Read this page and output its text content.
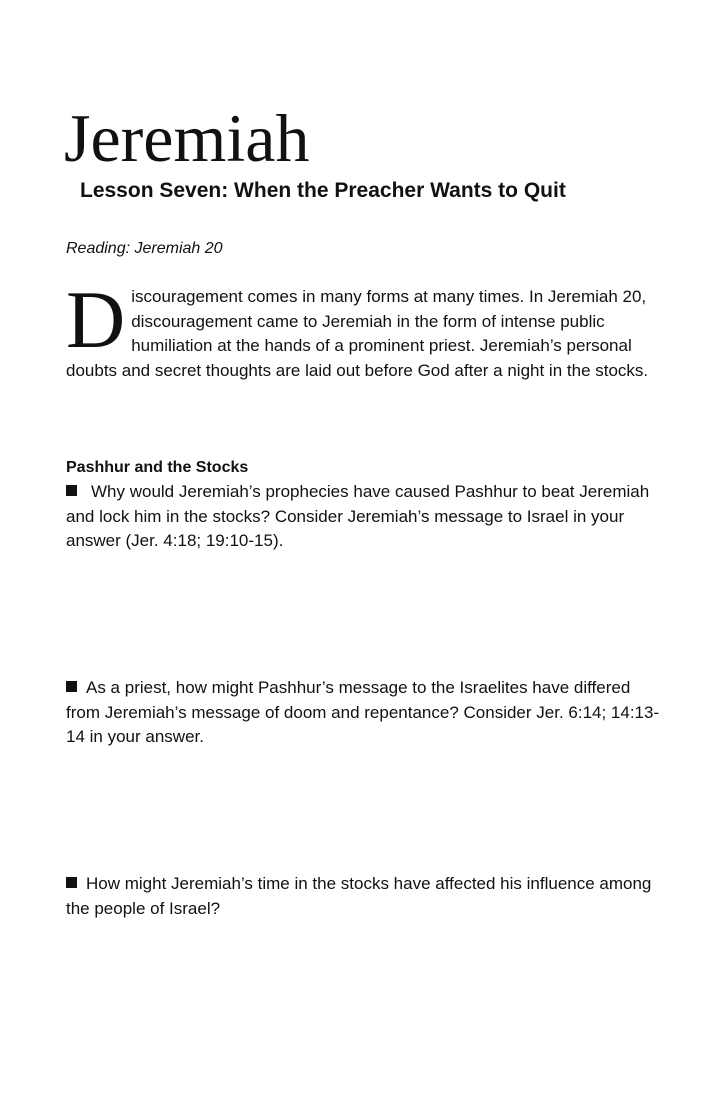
Jeremiah
Lesson Seven: When the Preacher Wants to Quit

Reading: Jeremiah 20

Discouragement comes in many forms at many times. In Jeremiah 20, discouragement came to Jeremiah in the form of intense public humiliation at the hands of a prominent priest. Jeremiah’s personal doubts and secret thoughts are laid out before God after a night in the stocks.

Pashhur and the Stocks

Why would Jeremiah’s prophecies have caused Pashhur to beat Jeremiah and lock him in the stocks? Consider Jeremiah’s message to Israel in your answer (Jer. 4:18; 19:10-15).

As a priest, how might Pashhur’s message to the Israelites have differed from Jeremiah’s message of doom and repentance? Consider Jer. 6:14; 14:13-14 in your answer.

How might Jeremiah’s time in the stocks have affected his influence among the people of Israel?
